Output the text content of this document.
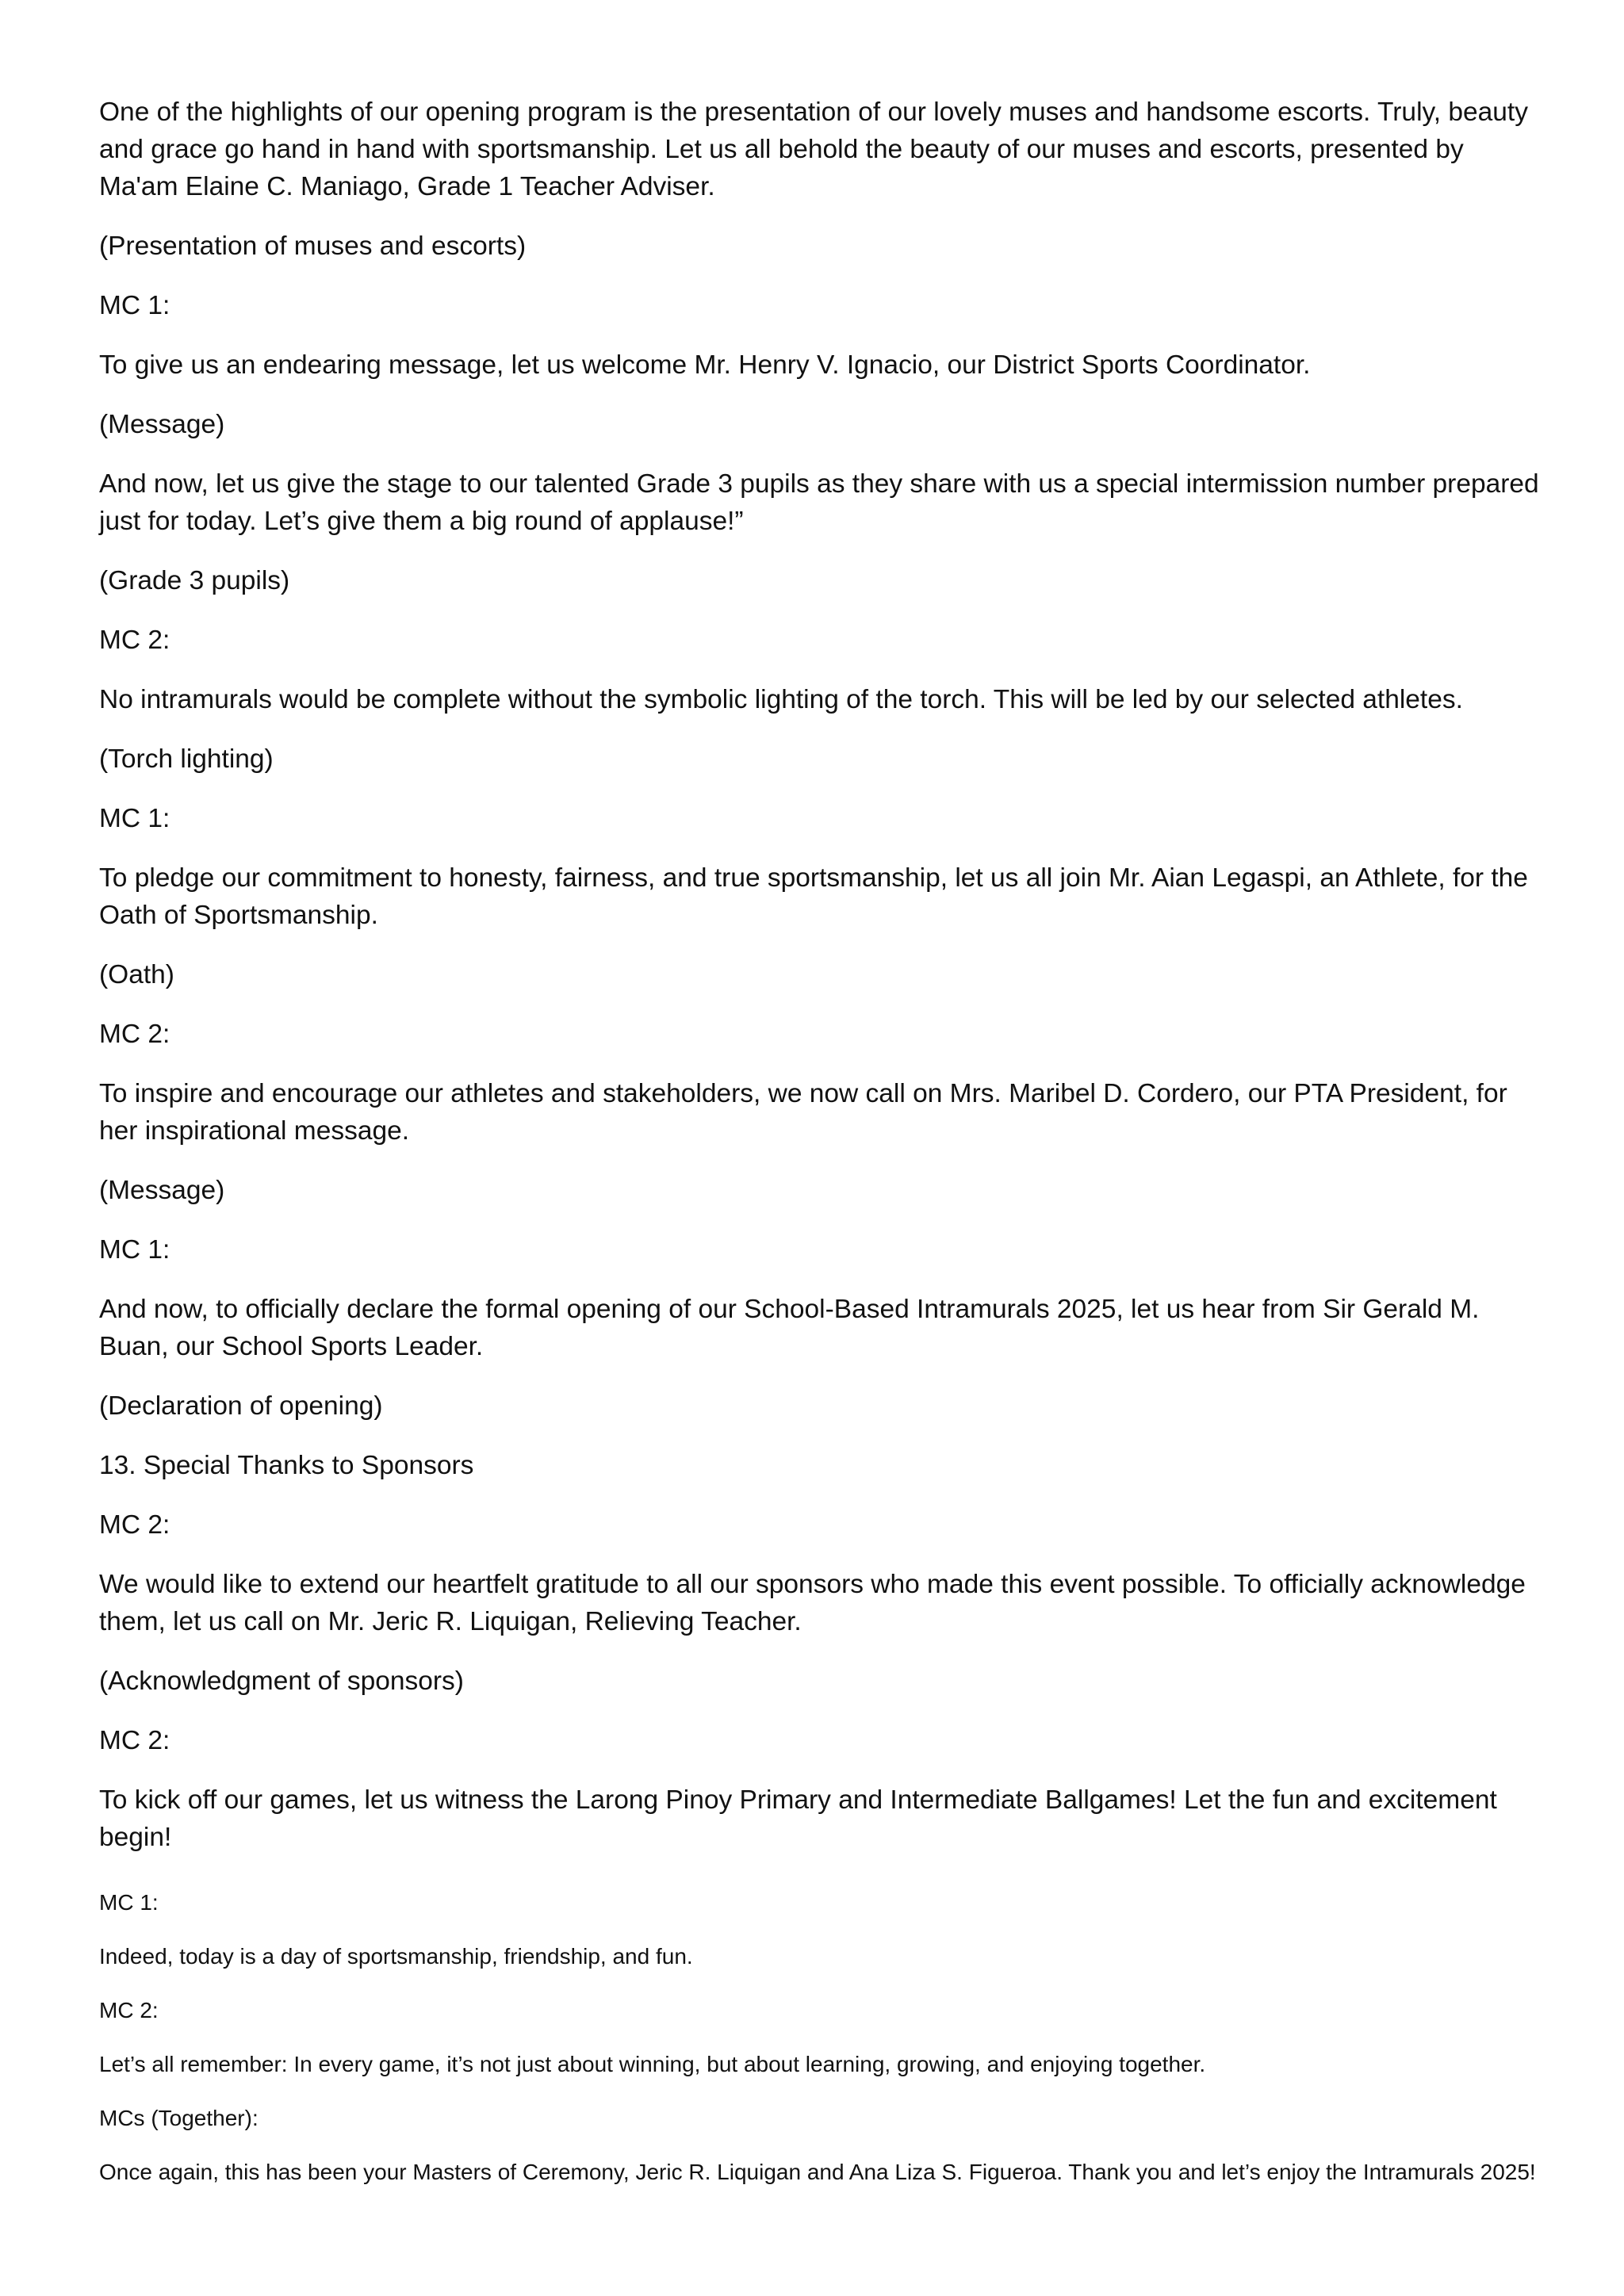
One of the highlights of our opening program is the presentation of our lovely muses and handsome escorts. Truly, beauty and grace go hand in hand with sportsmanship. Let us all behold the beauty of our muses and escorts, presented by Ma'am Elaine C. Maniago, Grade 1 Teacher Adviser.

(Presentation of muses and escorts)

MC 1:

To give us an endearing message, let us welcome Mr. Henry V. Ignacio, our District Sports Coordinator.

(Message)

And now, let us give the stage to our talented Grade 3 pupils as they share with us a special intermission number prepared just for today. Let’s give them a big round of applause!”

(Grade 3 pupils)

MC 2:

No intramurals would be complete without the symbolic lighting of the torch. This will be led by our selected athletes.

(Torch lighting)

MC 1:

To pledge our commitment to honesty, fairness, and true sportsmanship, let us all join Mr. Aian Legaspi, an Athlete, for the Oath of Sportsmanship.

(Oath)

MC 2:

To inspire and encourage our athletes and stakeholders, we now call on Mrs. Maribel D. Cordero, our PTA President, for her inspirational message.

(Message)

MC 1:

And now, to officially declare the formal opening of our School-Based Intramurals 2025, let us hear from Sir Gerald M. Buan, our School Sports Leader.

(Declaration of opening)

13. Special Thanks to Sponsors

MC 2:

We would like to extend our heartfelt gratitude to all our sponsors who made this event possible. To officially acknowledge them, let us call on Mr. Jeric R. Liquigan, Relieving Teacher.

(Acknowledgment of sponsors)

MC 2:

To kick off our games, let us witness the Larong Pinoy Primary and Intermediate Ballgames! Let the fun and excitement begin!

MC 1:

Indeed, today is a day of sportsmanship, friendship, and fun.

MC 2:

Let’s all remember: In every game, it’s not just about winning, but about learning, growing, and enjoying together.

MCs (Together):

Once again, this has been your Masters of Ceremony, Jeric R. Liquigan and Ana Liza S. Figueroa. Thank you and let’s enjoy the Intramurals 2025!
